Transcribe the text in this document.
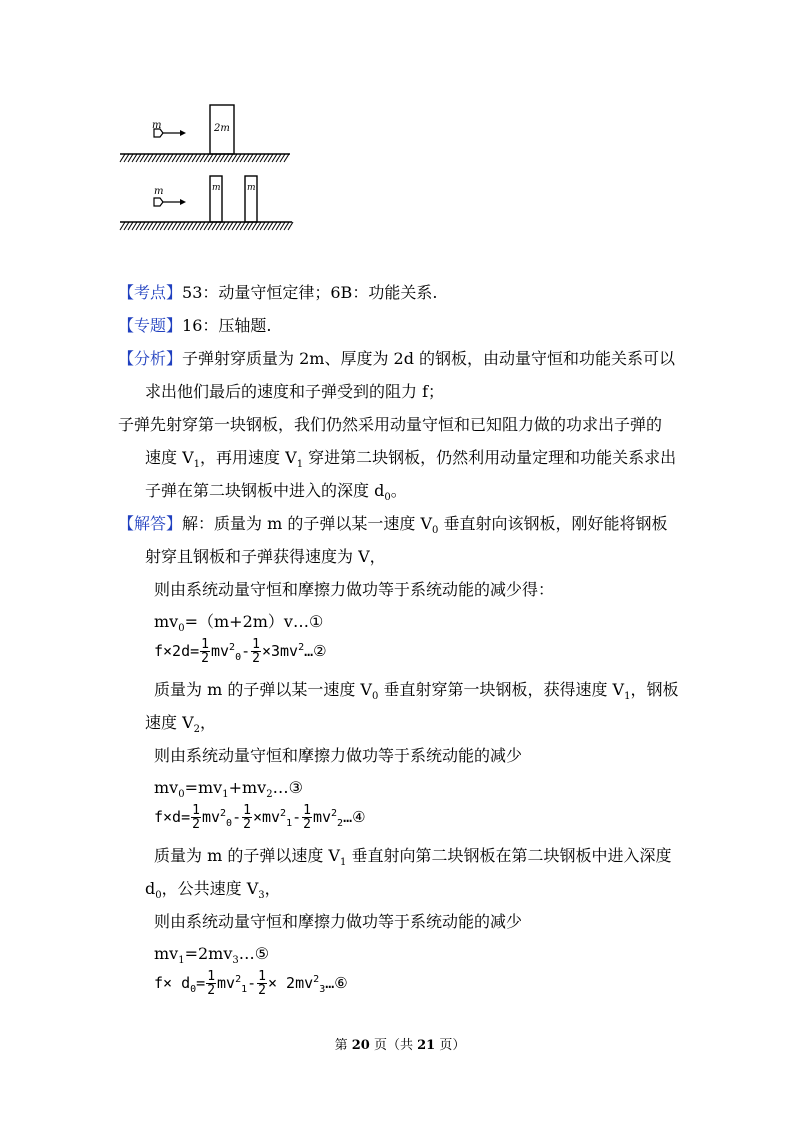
m	2m
m	m	m
【考点】53：动量守恒定律；6B：功能关系.
【专题】16：压轴题.
【分析】子弹射穿质量为 2m、厚度为 2d 的钢板，由动量守恒和功能关系可以
求出他们最后的速度和子弹受到的阻力 f；
子弹先射穿第一块钢板，我们仍然采用动量守恒和已知阻力做的功求出子弹的
速度 $V_1$，再用速度 $V_1$ 穿进第二块钢板，仍然利用动量定理和功能关系求出
子弹在第二块钢板中进入的深度 $d_0$。
【解答】解：质量为 m 的子弹以某一速度 $V_0$ 垂直射向该钢板，刚好能将钢板
射穿且钢板和子弹获得速度为 V，
则由系统动量守恒和摩擦力做功等于系统动能的减少得：
$mv_0=(m+2m)v\dots ①$
$f\times 2d= \frac{1}{2} mv^2_0- \frac{1}{2}$ $\times 3mv^2\dots ②$
质量为 m 的子弹以某一速度 $V_0$ 垂直射穿第一块钢板，获得速度 $V_1$，钢板
速度 $V_2$，
则由系统动量守恒和摩擦力做功等于系统动能的减少
$mv_0=mv_1+mv_2\dots ③$
$f\times d= \frac{1}{2} mv^2_0- \frac{1}{2} \times mv^2_1- \frac{1}{2}$ $mv^2_2\dots ④$
质量为 m 的子弹以速度 $V_1$ 垂直射向第二块钢板在第二块钢板中进入深度
$d_0$，公共速度 $V_3$，
则由系统动量守恒和摩擦力做功等于系统动能的减少
$mv_1=2mv_3\dots ⑤$
$f\times d_0= \frac{1}{2} mv^2_1- \frac{1}{2}$ × $2mv^2_3\dots ⑥$
第 20 页（共 21 页）
